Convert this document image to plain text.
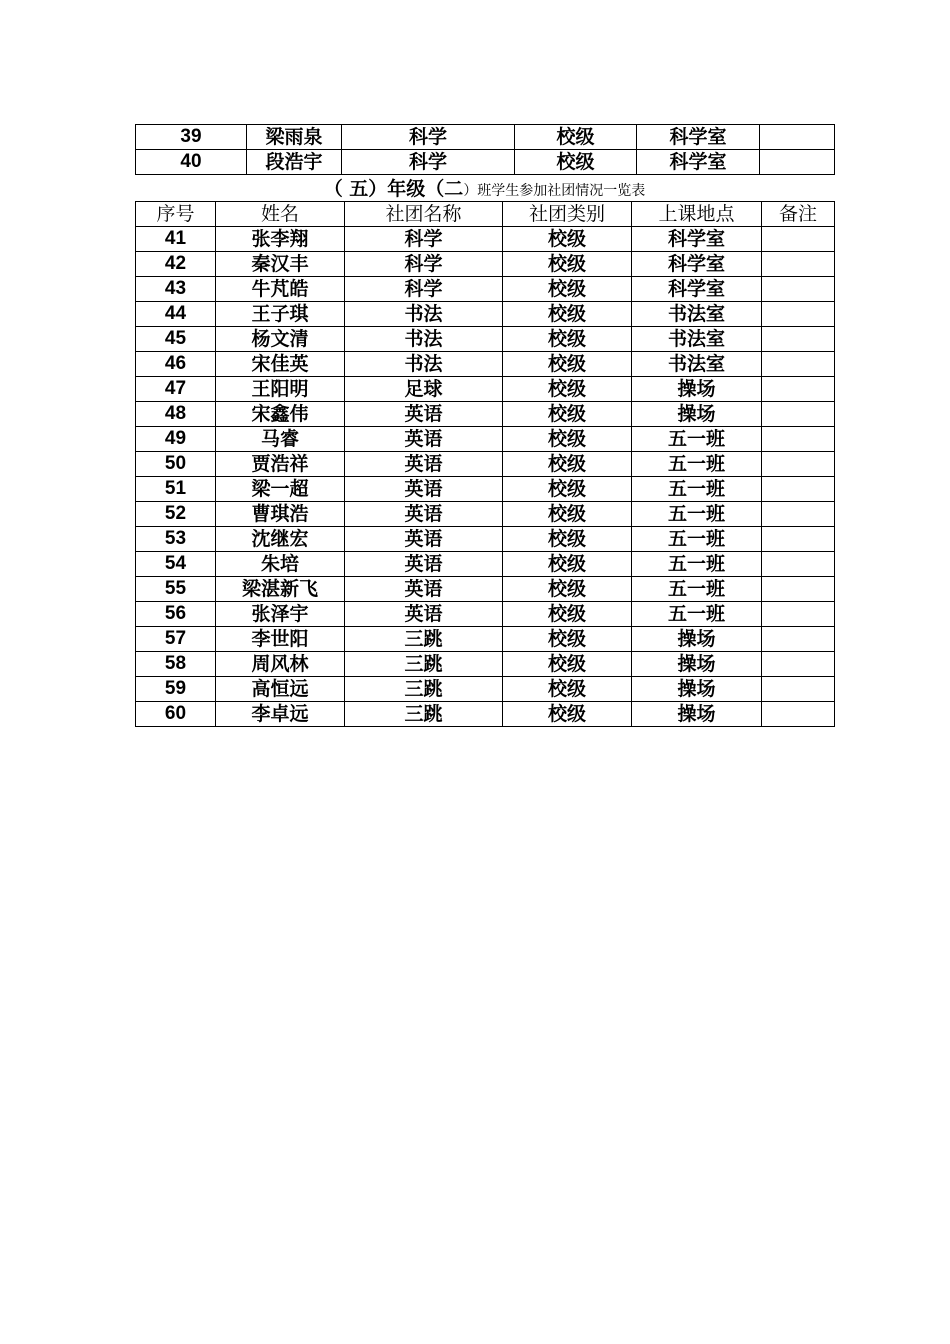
39	梁雨泉	科学	校级	科学室	
40	段浩宇	科学	校级	科学室	
（ 五）年级（二）班学生参加社团情况一览表
序号	姓名	社团名称	社团类别	上课地点	备注
41	张李翔	科学	校级	科学室	
42	秦汉丰	科学	校级	科学室	
43	牛芃皓	科学	校级	科学室	
44	王子琪	书法	校级	书法室	
45	杨文清	书法	校级	书法室	
46	宋佳英	书法	校级	书法室	
47	王阳明	足球	校级	操场	
48	宋鑫伟	英语	校级	操场	
49	马睿	英语	校级	五一班	
50	贾浩祥	英语	校级	五一班	
51	梁一超	英语	校级	五一班	
52	曹琪浩	英语	校级	五一班	
53	沈继宏	英语	校级	五一班	
54	朱培	英语	校级	五一班	
55	梁湛新飞	英语	校级	五一班	
56	张泽宇	英语	校级	五一班	
57	李世阳	三跳	校级	操场	
58	周风林	三跳	校级	操场	
59	高恒远	三跳	校级	操场	
60	李卓远	三跳	校级	操场	
